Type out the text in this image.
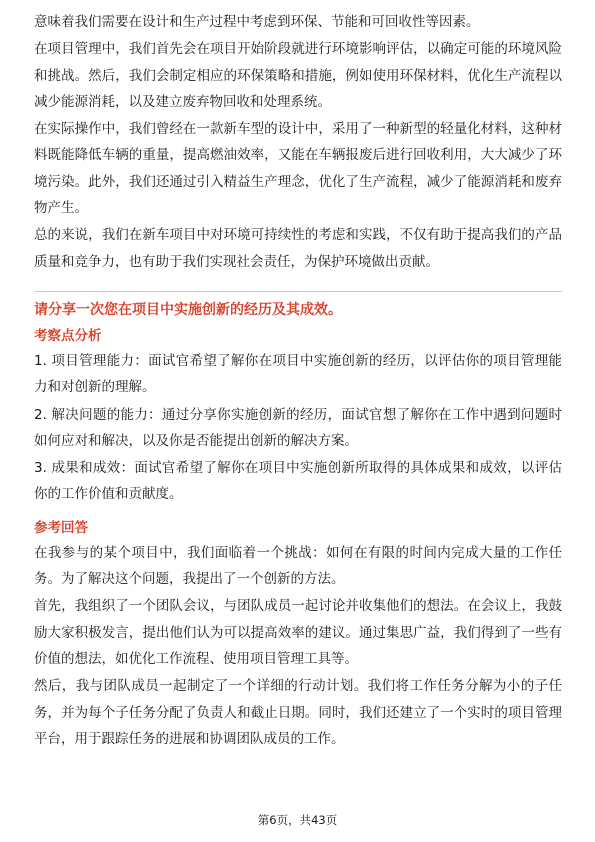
意味着我们需要在设计和生产过程中考虑到环保、节能和可回收性等因素。

在项目管理中，我们首先会在项目开始阶段就进行环境影响评估，以确定可能的环境风险和挑战。然后，我们会制定相应的环保策略和措施，例如使用环保材料，优化生产流程以减少能源消耗，以及建立废弃物回收和处理系统。

在实际操作中，我们曾经在一款新车型的设计中，采用了一种新型的轻量化材料，这种材料既能降低车辆的重量，提高燃油效率，又能在车辆报废后进行回收利用，大大减少了环境污染。此外，我们还通过引入精益生产理念，优化了生产流程，减少了能源消耗和废弃物产生。

总的来说，我们在新车项目中对环境可持续性的考虑和实践，不仅有助于提高我们的产品质量和竞争力，也有助于我们实现社会责任，为保护环境做出贡献。

请分享一次您在项目中实施创新的经历及其成效。

考察点分析

1. 项目管理能力：面试官希望了解你在项目中实施创新的经历，以评估你的项目管理能力和对创新的理解。

2. 解决问题的能力：通过分享你实施创新的经历，面试官想了解你在工作中遇到问题时如何应对和解决，以及你是否能提出创新的解决方案。

3. 成果和成效：面试官希望了解你在项目中实施创新所取得的具体成果和成效，以评估你的工作价值和贡献度。

参考回答

在我参与的某个项目中，我们面临着一个挑战：如何在有限的时间内完成大量的工作任务。为了解决这个问题，我提出了一个创新的方法。

首先，我组织了一个团队会议，与团队成员一起讨论并收集他们的想法。在会议上，我鼓励大家积极发言，提出他们认为可以提高效率的建议。通过集思广益，我们得到了一些有价值的想法，如优化工作流程、使用项目管理工具等。

然后，我与团队成员一起制定了一个详细的行动计划。我们将工作任务分解为小的子任务，并为每个子任务分配了负责人和截止日期。同时，我们还建立了一个实时的项目管理平台，用于跟踪任务的进展和协调团队成员的工作。

第6页，共43页
